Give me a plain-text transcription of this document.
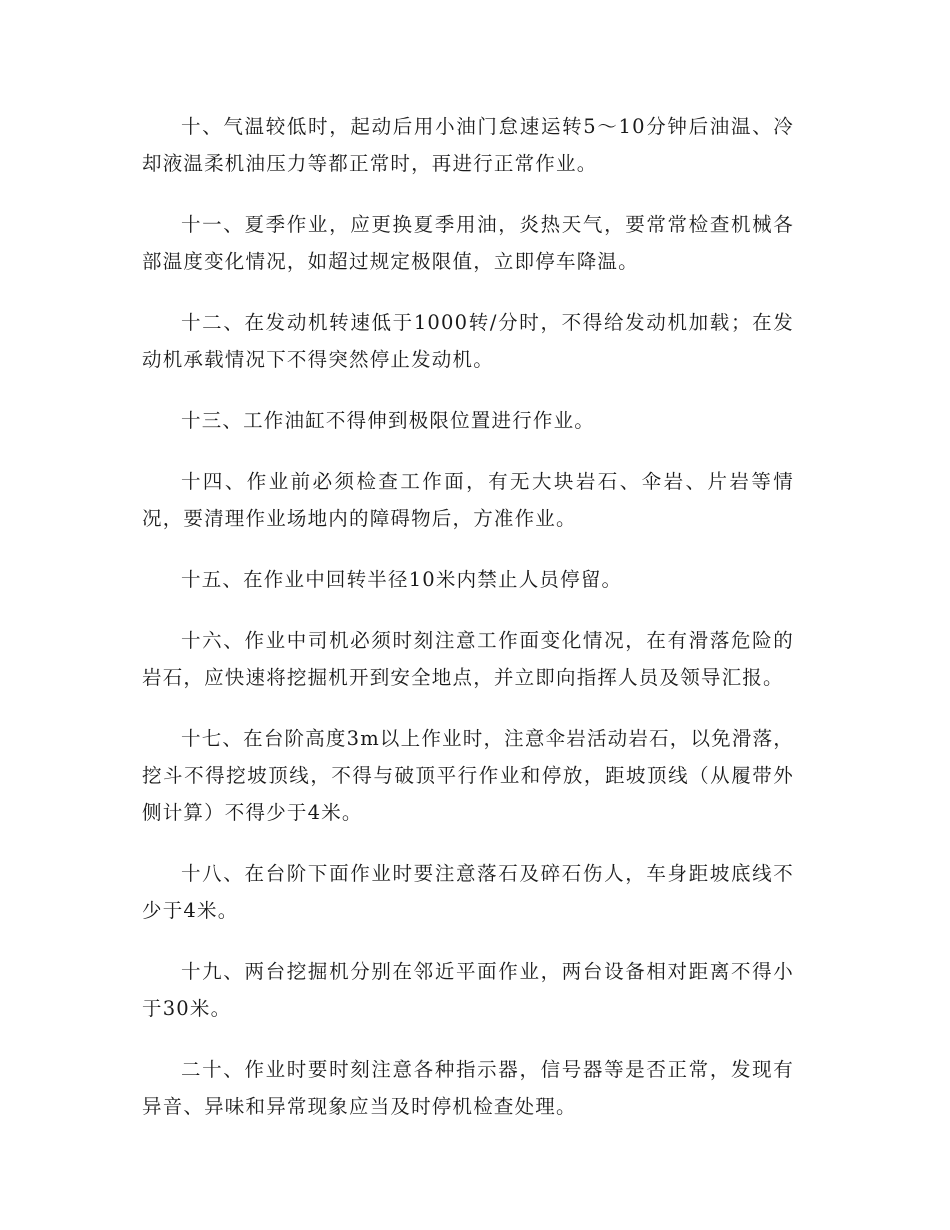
十、气温较低时，起动后用小油门怠速运转5～10分钟后油温、冷却液温柔机油压力等都正常时，再进行正常作业。

十一、夏季作业，应更换夏季用油，炎热天气，要常常检查机械各部温度变化情况，如超过规定极限值，立即停车降温。

十二、在发动机转速低于1000转/分时，不得给发动机加载；在发动机承载情况下不得突然停止发动机。

十三、工作油缸不得伸到极限位置进行作业。

十四、作业前必须检查工作面，有无大块岩石、伞岩、片岩等情况，要清理作业场地内的障碍物后，方准作业。

十五、在作业中回转半径10米内禁止人员停留。

十六、作业中司机必须时刻注意工作面变化情况，在有滑落危险的岩石，应快速将挖掘机开到安全地点，并立即向指挥人员及领导汇报。

十七、在台阶高度3m以上作业时，注意伞岩活动岩石，以免滑落，挖斗不得挖坡顶线，不得与破顶平行作业和停放，距坡顶线（从履带外侧计算）不得少于4米。

十八、在台阶下面作业时要注意落石及碎石伤人，车身距坡底线不少于4米。

十九、两台挖掘机分别在邻近平面作业，两台设备相对距离不得小于30米。

二十、作业时要时刻注意各种指示器，信号器等是否正常，发现有异音、异味和异常现象应当及时停机检查处理。
